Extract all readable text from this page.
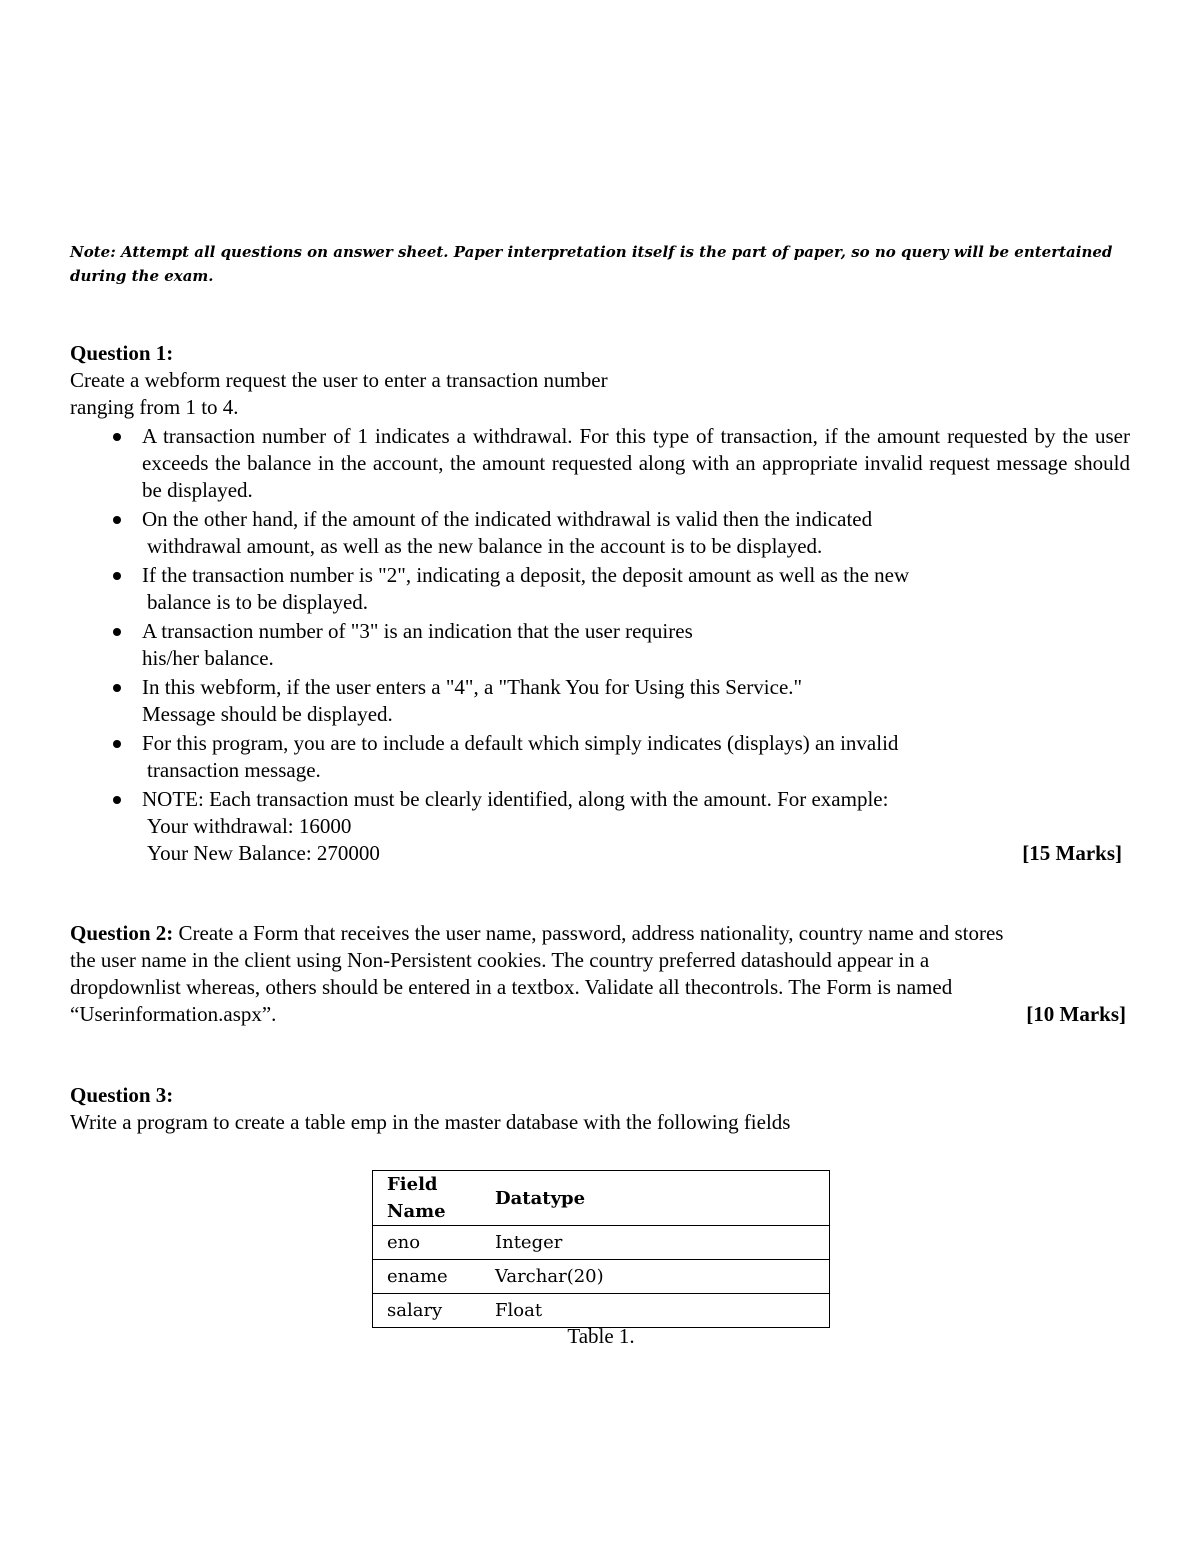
Note: Attempt all questions on answer sheet. Paper interpretation itself is the part of paper, so no query will be entertained during the exam.
Question 1:
Create a webform request the user to enter a transaction number
ranging from 1 to 4.
A transaction number of 1 indicates a withdrawal. For this type of transaction, if the amount requested by the user exceeds the balance in the account, the amount requested along with an appropriate invalid request message should be displayed.
On the other hand, if the amount of the indicated withdrawal is valid then the indicated
withdrawal amount, as well as the new balance in the account is to be displayed.
If the transaction number is "2", indicating a deposit, the deposit amount as well as the new
balance is to be displayed.
A transaction number of "3" is an indication that the user requires
his/her balance.
In this webform, if the user enters a "4", a "Thank You for Using this Service."
Message should be displayed.
For this program, you are to include a default which simply indicates (displays) an invalid
transaction message.
NOTE: Each transaction must be clearly identified, along with the amount. For example:
Your withdrawal: 16000
Your New Balance: 270000	[15 Marks]
Question 2: Create a Form that receives the user name, password, address nationality, country name and stores
the user name in the client using Non-Persistent cookies. The country preferred datashould appear in a
dropdownlist whereas, others should be entered in a textbox. Validate all thecontrols. The Form is named
“Userinformation.aspx”.	[10 Marks]
Question 3:
Write a program to create a table emp in the master database with the following fields
Field Name	Datatype
eno	Integer
ename	Varchar(20)
salary	Float
Table 1.
